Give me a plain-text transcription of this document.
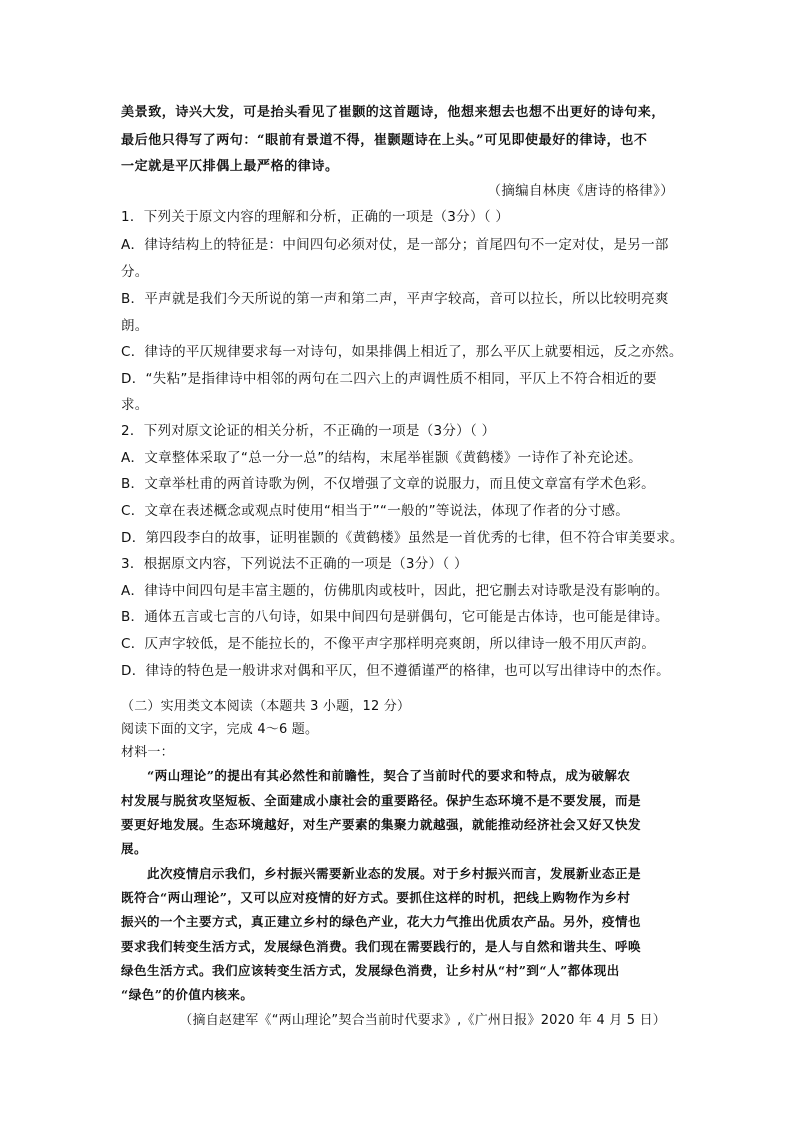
美景致，诗兴大发，可是抬头看见了崔颢的这首题诗，他想来想去也想不出更好的诗句来，
最后他只得写了两句：“眼前有景道不得，崔颢题诗在上头。”可见即使最好的律诗，也不
一定就是平仄排偶上最严格的律诗。
（摘编自林庚《唐诗的格律》）
1．下列关于原文内容的理解和分析，正确的一项是（3分）（ ）
A．律诗结构上的特征是：中间四句必须对仗，是一部分；首尾四句不一定对仗，是另一部
分。
B．平声就是我们今天所说的第一声和第二声，平声字较高，音可以拉长，所以比较明亮爽
朗。
C．律诗的平仄规律要求每一对诗句，如果排偶上相近了，那么平仄上就要相远，反之亦然。
D．“失粘”是指律诗中相邻的两句在二四六上的声调性质不相同，平仄上不符合相近的要
求。
2．下列对原文论证的相关分析，不正确的一项是（3分）（ ）
A．文章整体采取了“总一分一总”的结构，末尾举崔颢《黄鹤楼》一诗作了补充论述。
B．文章举杜甫的两首诗歌为例，不仅增强了文章的说服力，而且使文章富有学术色彩。
C．文章在表述概念或观点时使用“相当于”“一般的”等说法，体现了作者的分寸感。
D．第四段李白的故事，证明崔颢的《黄鹤楼》虽然是一首优秀的七律，但不符合审美要求。
3．根据原文内容，下列说法不正确的一项是（3分）（ ）
A．律诗中间四句是丰富主题的，仿佛肌肉或枝叶，因此，把它删去对诗歌是没有影响的。
B．通体五言或七言的八句诗，如果中间四句是骈偶句，它可能是古体诗，也可能是律诗。
C．仄声字较低，是不能拉长的，不像平声字那样明亮爽朗，所以律诗一般不用仄声韵。
D．律诗的特色是一般讲求对偶和平仄，但不遵循谨严的格律，也可以写出律诗中的杰作。
（二）实用类文本阅读（本题共 3 小题，12 分）
阅读下面的文字，完成 4～6 题。
材料一：
“两山理论”的提出有其必然性和前瞻性，契合了当前时代的要求和特点，成为破解农
村发展与脱贫攻坚短板、全面建成小康社会的重要路径。保护生态环境不是不要发展，而是
要更好地发展。生态环境越好，对生产要素的集聚力就越强，就能推动经济社会又好又快发
展。
此次疫情启示我们，乡村振兴需要新业态的发展。对于乡村振兴而言，发展新业态正是
既符合“两山理论”，又可以应对疫情的好方式。要抓住这样的时机，把线上购物作为乡村
振兴的一个主要方式，真正建立乡村的绿色产业，花大力气推出优质农产品。另外，疫情也
要求我们转变生活方式，发展绿色消费。我们现在需要践行的，是人与自然和谐共生、呼唤
绿色生活方式。我们应该转变生活方式，发展绿色消费，让乡村从“村”到“人”都体现出
“绿色”的价值内核来。
（摘自赵建军《“两山理论”契合当前时代要求》,《广州日报》2020 年 4 月 5 日）
